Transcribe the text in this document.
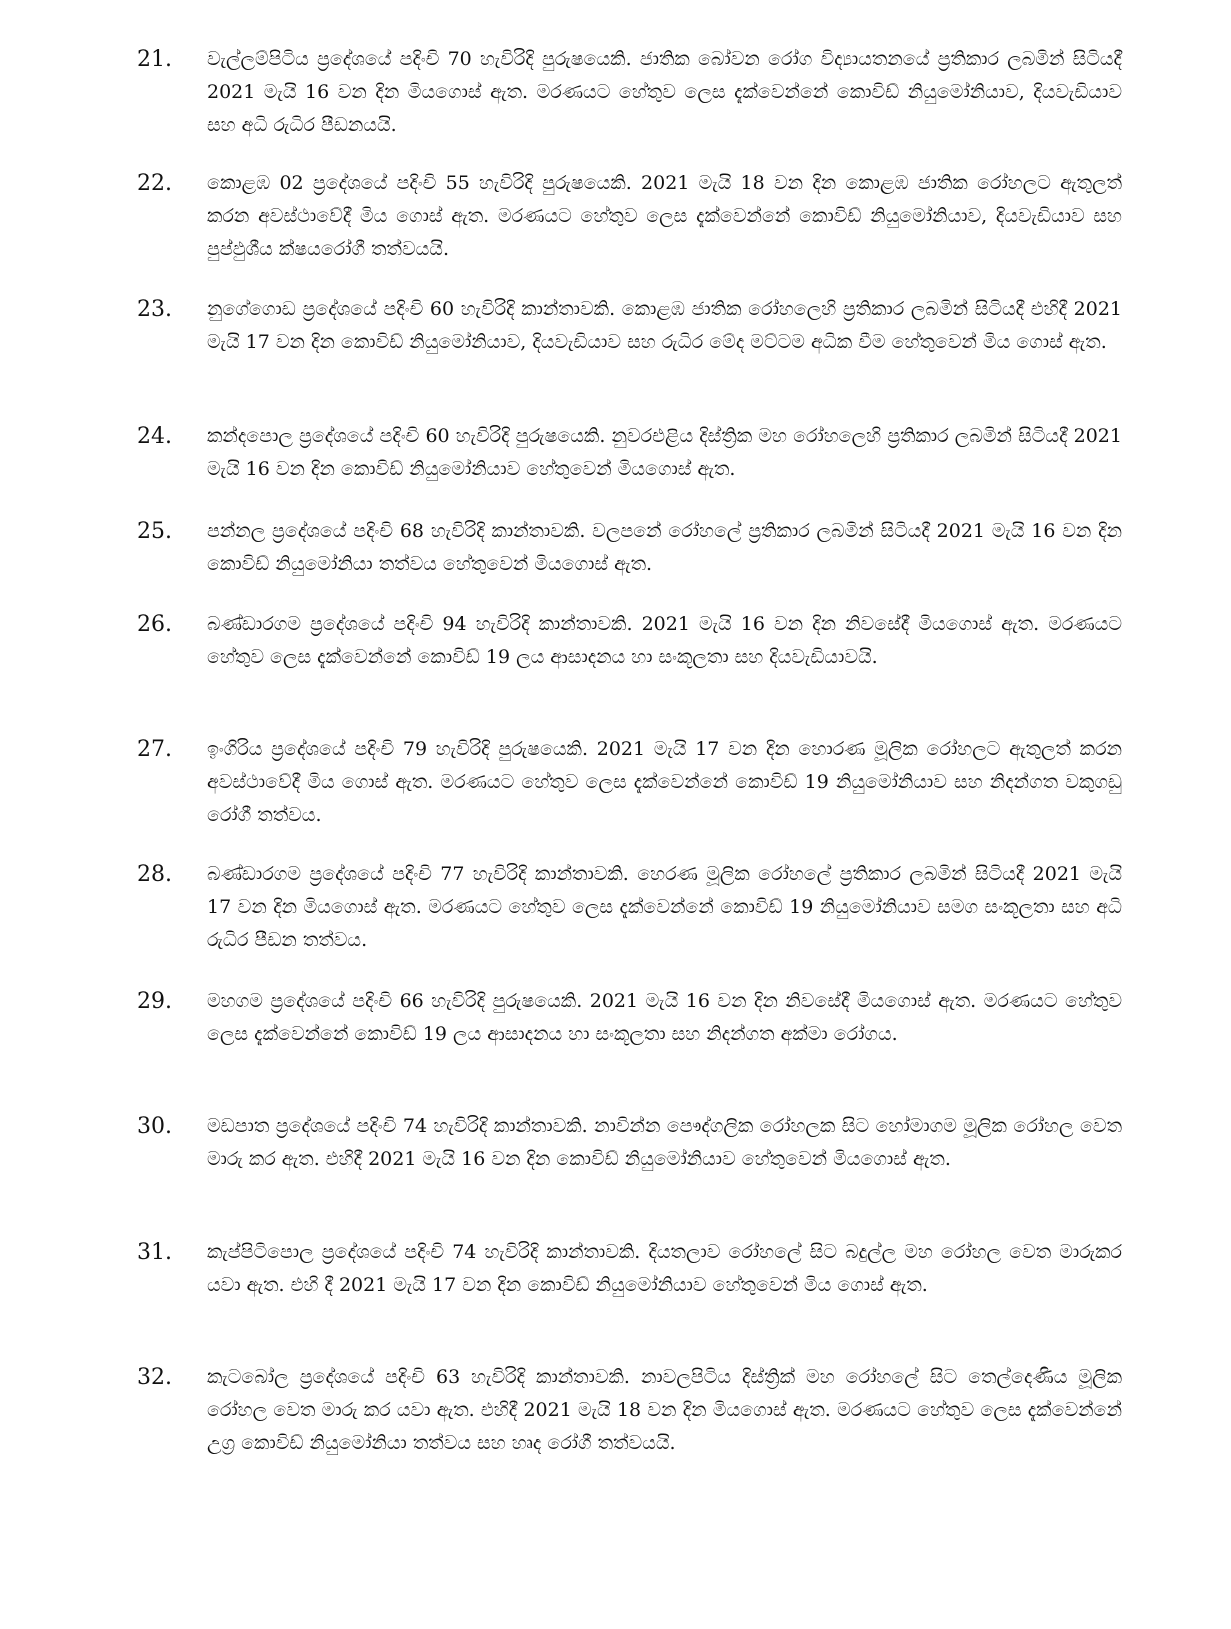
21. වැල්ලම්පිටිය ප්‍රදේශයේ පදිංචි 70 හැවිරිදි පුරුෂයෙකි. ජාතික බෝවන රෝග විද්‍යායතනයේ ප්‍රතිකාර ලබමින් සිටියදී 2021 මැයි 16 වන දින මියගොස් ඇත. මරණයට හේතුව ලෙස දැක්වෙන්නේ කොවිඩ් නියුමෝනියාව, දියවැඩියාව සහ අධි රුධිර පීඩනයයි.
22. කොළඹ 02 ප්‍රදේශයේ පදිංචි 55 හැවිරිදි පුරුෂයෙකි. 2021 මැයි 18 වන දින කොළඹ ජාතික රෝහලට ඇතුලත් කරන අවස්ථාවේදී මිය ගොස් ඇත. මරණයට හේතුව ලෙස දැක්වෙන්නේ කොවිඩ් නියුමෝනියාව, දියවැඩියාව සහ පුප්ඵුශීය ක්ෂයරෝගී තත්වයයි.
23. නුගේගොඩ ප්‍රදේශයේ පදිංචි 60 හැවිරිදි කාන්තාවකි. කොළඹ ජාතික රෝහලෙහි ප්‍රතිකාර ලබමින් සිටියදී එහිදී 2021 මැයි 17 වන දින කොවිඩ් නියුමෝනියාව, දියවැඩියාව සහ රුධිර මේද මට්ටම අධික වීම හේතුවෙන් මිය ගොස් ඇත.
24. කන්දපොල ප්‍රදේශයේ පදිංචි 60 හැවිරිදි පුරුෂයෙකි. නුවරඑළිය දිස්ත්‍රික මහ රෝහලෙහි ප්‍රතිකාර ලබමින් සිටියදී 2021 මැයි 16 වන දින කොවිඩ් නියුමෝනියාව හේතුවෙන් මියගොස් ඇත.
25. පන්නල ප්‍රදේශයේ පදිංචි 68 හැවිරිදි කාන්තාවකි. වලපනේ රෝහලේ ප්‍රතිකාර ලබමින් සිටියදී 2021 මැයි 16 වන දින කොවිඩ් නියුමෝනියා තත්වය හේතුවෙන් මියගොස් ඇත.
26. බණ්ඩාරගම ප්‍රදේශයේ පදිංචි 94 හැවිරිදි කාන්තාවකි. 2021 මැයි 16 වන දින නිවසේදී මියගොස් ඇත. මරණයට හේතුව ලෙස දැක්වෙන්නේ කොවිඩ් 19 ලය ආසාදනය හා සංකූලතා සහ දියවැඩියාවයි.
27. ඉංගිරිය ප්‍රදේශයේ පදිංචි 79 හැවිරිදි පුරුෂයෙකි. 2021 මැයි 17 වන දින හොරණ මූලික රෝහලට ඇතුලත් කරන අවස්ථාවේදී මිය ගොස් ඇත. මරණයට හේතුව ලෙස දැක්වෙන්නේ කොවිඩ් 19 නියුමෝනියාව සහ නිදන්ගත වකුගඩු රෝගී තත්වය.
28. බණ්ඩාරගම ප්‍රදේශයේ පදිංචි 77 හැවිරිදි කාන්තාවකි. හෙරණ මූලික රෝහලේ ප්‍රතිකාර ලබමින් සිටියදී 2021 මැයි 17 වන දින මියගොස් ඇත. මරණයට හේතුව ලෙස දැක්වෙන්නේ කොවිඩ් 19 නියුමෝනියාව සමග සංකූලතා සහ අධි රුධිර පීඩන තත්වය.
29. මහගම ප්‍රදේශයේ පදිංචි 66 හැවිරිදි පුරුෂයෙකි. 2021 මැයි 16 වන දින නිවසේදී මියගොස් ඇත. මරණයට හේතුව ලෙස දැක්වෙන්නේ කොවිඩ් 19 ලය ආසාදනය හා සංකූලතා සහ නිදන්ගත අක්මා රෝගය.
30. මඩපාත ප්‍රදේශයේ පදිංචි 74 හැවිරිදි කාන්තාවකි. නාවින්න පෞද්ගලික රෝහලක සිට හෝමාගම මූලික රෝහල වෙත මාරු කර ඇත. එහිදී 2021 මැයි 16 වන දින කොවිඩ් නියුමෝනියාව හේතුවෙන් මියගොස් ඇත.
31. කැප්පිටිපොල ප්‍රදේශයේ පදිංචි 74 හැවිරිදි කාන්තාවකි. දියතලාව රෝහලේ සිට බදුල්ල මහ රෝහල වෙත මාරුකර යවා ඇත. එහි දී 2021 මැයි 17 වන දින කොවිඩ් නියුමෝනියාව හේතුවෙන් මිය ගොස් ඇත.
32. කැටබෝල ප්‍රදේශයේ පදිංචි 63 හැවිරිදි කාන්තාවකි. නාවලපිටිය දිස්ත්‍රික් මහ රෝහලේ සිට තෙල්දෙණිය මූලික රෝහල වෙත මාරු කර යවා ඇත. එහිදී 2021 මැයි 18 වන දින මියගොස් ඇත. මරණයට හේතුව ලෙස දැක්වෙන්නේ උග්‍ර කොවිඩ් නියුමෝනියා තත්වය සහ හෘද රෝගී තත්වයයි.
